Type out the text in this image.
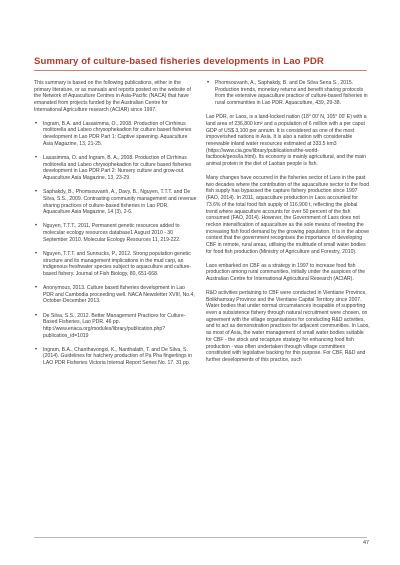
Summary of culture-based fisheries developments in Lao PDR

This summary is based on the following publications, either in the primary literature, or as manuals and reports posted on the website of the Network of Aquaculture Centres in Asia-Pacific (NACA) that have emanated from projects funded by the Australian Centre for International Agriculture research (ACIAR) since 1997.

• Ingram, B.A. and Lasasimma, O., 2008. Production of Cirrhinus molitorella and Labeo chrysophekadion for culture based fisheries development in Lao PDR Part 1: Captive spawning. Aquaculture Asia Magazine, 13, 21-25.
• Lasasimma, O. and Ingram, B. A., 2008. Production of Cirrhinus molitorella and Labeo chrysophekadion for culture based fisheries development in Lao PDR Part 2: Nursery culture and grow-out. Aquaculture Asia Magazine, 13, 23-29.
• Saphakdy, B., Phomsouvanh, A., Davy, B., Nguyen, T.T.T. and De Silva, S.S., 2009. Contrasting community management and revenue sharing practices of culture-based fisheries in Lao PDR. Aquaculture Asia Magazine, 14 (3), 2-6.
• Nguyen, T.T.T., 2011. Permanent genetic resources added to molecular ecology resources database1 August 2010 - 30 September 2010. Molecular Ecology Resources 11, 219-222.
• Nguyen, T.T.T. and Sunnucks, P., 2012. Strong population genetic structure and its management implications in the mud carp, an indigenous freshwater species subject to aquaculture and culture-based fishery. Journal of Fish Biology, 80, 651-668.
• Anonymous, 2013. Culture based fisheries development in Lao PDR and Cambodia proceeding well. NACA Newsletter XVIII, No.4, October-December 2013.
• De Silva, S.S., 2012. Better Management Practices for Culture-Based Fisheries, Lao PDR. 46 pp. http://www.enaca.org/modules/library/publication.php?publication_id=1019
• Ingram, B.A., Chanthavongxi, K., Nanthalath, T. and De Silva, S. (2014). Guidelines for hatchery production of Pa Pha fingerlings in LAO PDR Fisheries Victoria Internal Report Series No. 17. 31 pp.
• Phomsouvanh, A., Saphakdy, B. and De Silva Sena S., 2015. Production trends, monetary returns and benefit sharing protocols from the extensive aquaculture practice of culture-based fisheries in rural communities in Lao PDR. Aquaculture, 439, 29-38.

Lao PDR, or Laos, is a land-locked nation (18° 00' N, 105° 00' E) with a land area of 236,800 km² and a population of 6 million with a per caput GDP of US$ 3,100 per annum. It is considered as one of the most impoverished nations in Asia. It is also a nation with considerable renewable inland water resources estimated at 333.5 km3 (https://www.cia.gov/library/publications/the-world-factbook/geos/la.html). Its economy is mainly agricultural, and the main animal protein in the diet of Laotian people is fish.

Many changes have occurred in the fisheries sector of Laos in the past two decades where the contribution of the aquaculture sector to the food fish supply has bypassed the capture fishery production since 1997 (FAO, 2014). In 2011, aquaculture production in Laos accounted for 73.6% of the total food fish supply of 116,900 t, reflecting the global trend where aquaculture accounts for over 50 percent of the fish consumed (FAO, 2014). However, the Government of Laos does not reckon intensification of aquaculture as the sole means of meeting the increasing fish food demand by the growing population. It is in the above context that the government recognises the importance of developing CBF in remote, rural areas, utilising the multitude of small water bodies for food fish production (Ministry of Agriculture and Forestry, 2010).

Laos embarked on CBF as a strategy in 1997 to increase food fish production among rural communities, initially under the auspices of the Australian Centre for International Agricultural Research (ACIAR).

R&D activities pertaining to CBF were conducted in Vientiane Province, Bolikhamxay Province and the Vientiane Capital Territory since 2007. Water bodies that under normal circumstances incapable of supporting even a subsistence fishery through natural recruitment were chosen, on agreement with the village organisations for conducting R&D activities, and to act as demonstration practices for adjacent communities. In Laos, as most of Asia, the water management of small water bodies suitable for CBF - the stock and recapture strategy for enhancing food fish production - was often undertaken through village committees constituted with legislative backing for this purpose. For CBF, R&D and further developments of this practice, such

47
